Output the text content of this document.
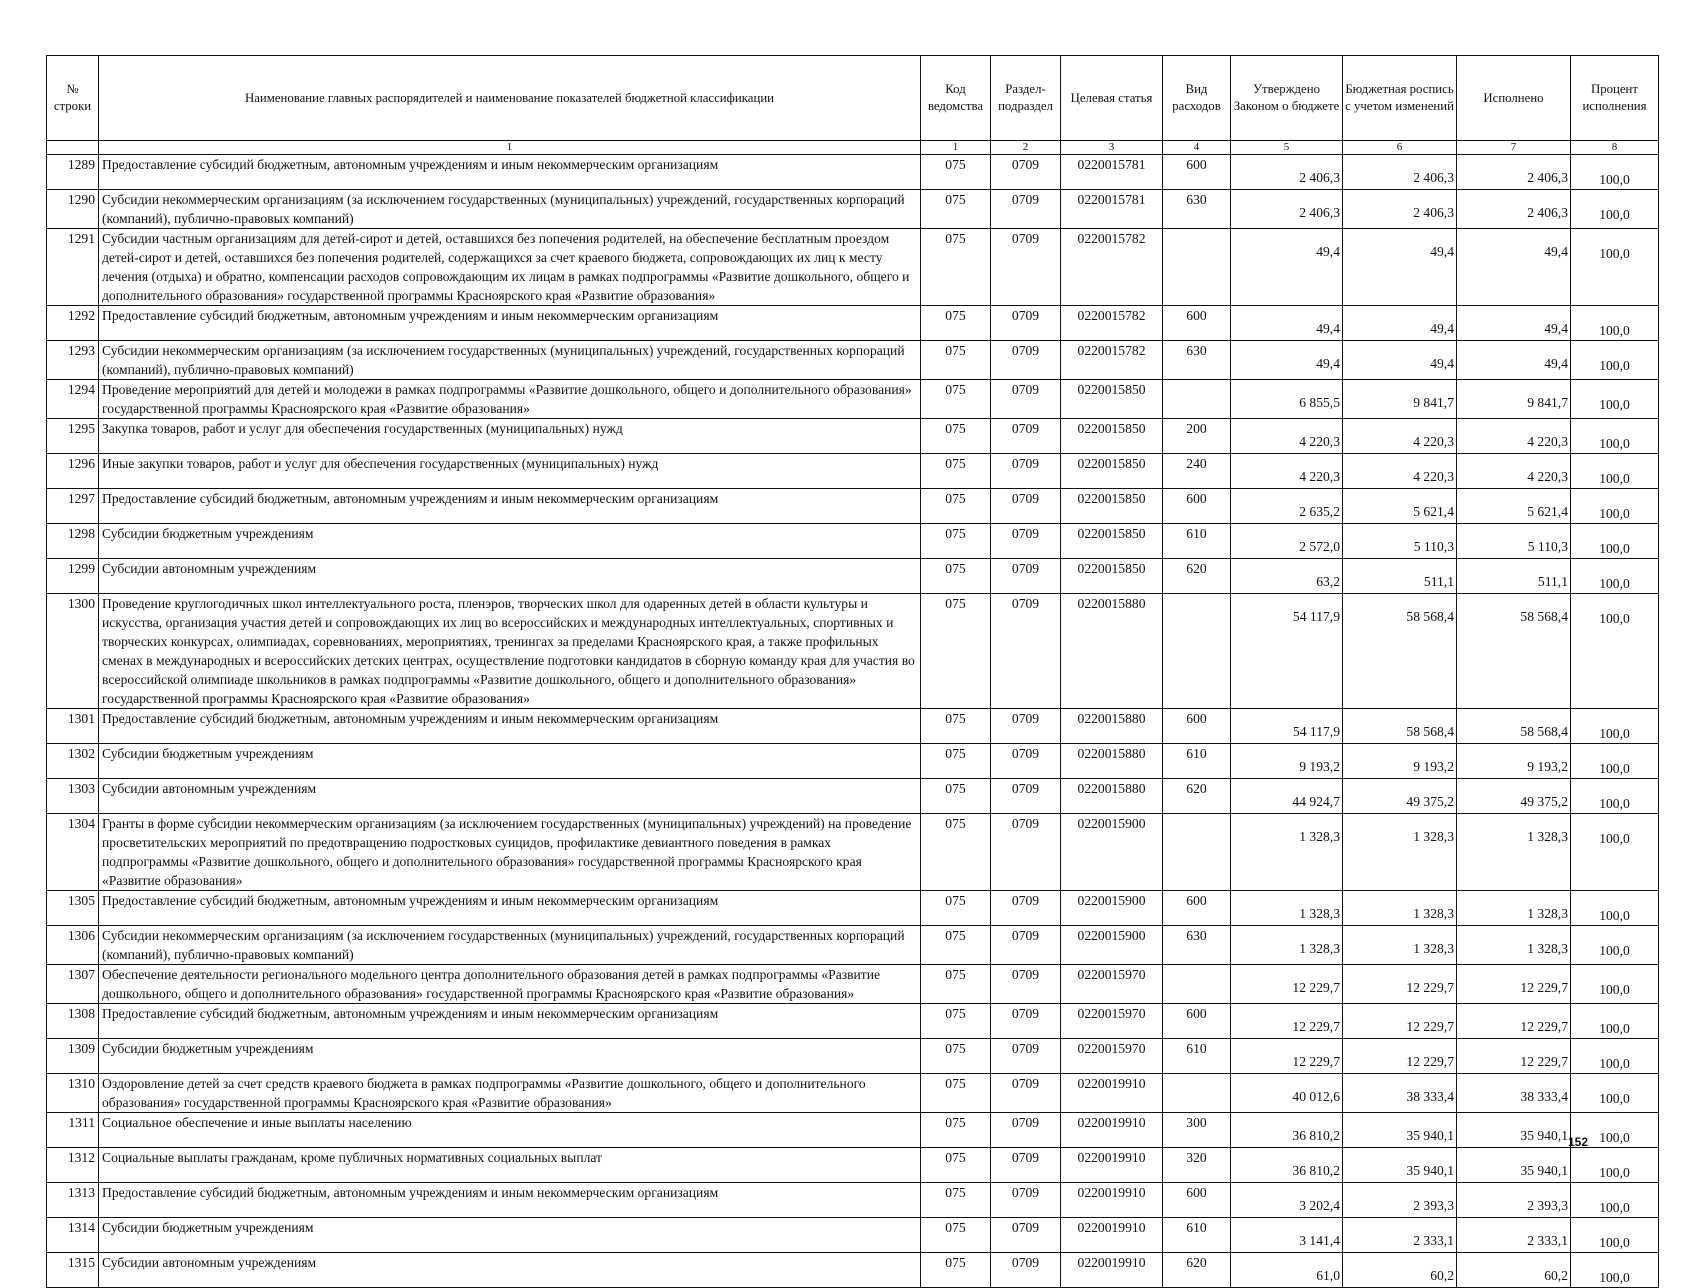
№ строки	Наименование главных распорядителей и наименование показателей бюджетной классификации	Код ведомства	Раздел-подраздел	Целевая статья	Вид расходов	Утверждено Законом о бюджете	Бюджетная роспись с учетом изменений	Исполнено	Процент исполнения
	1	1	2	3	4	5	6	7	8
1289	Предоставление субсидий бюджетным, автономным учреждениям и иным некоммерческим организациям	075	0709	0220015781	600	2 406,3	2 406,3	2 406,3	100,0
1290	Субсидии некоммерческим организациям (за исключением государственных (муниципальных) учреждений, государственных корпораций (компаний), публично-правовых компаний)	075	0709	0220015781	630	2 406,3	2 406,3	2 406,3	100,0
1291	Субсидии частным организациям для детей-сирот и детей, оставшихся без попечения родителей, на обеспечение бесплатным проездом детей-сирот и детей, оставшихся без попечения родителей, содержащихся за счет краевого бюджета, сопровождающих их лиц к месту лечения (отдыха) и обратно, компенсации расходов сопровождающим их лицам в рамках подпрограммы «Развитие дошкольного, общего и дополнительного образования» государственной программы Красноярского края «Развитие образования»	075	0709	0220015782		49,4	49,4	49,4	100,0
1292	Предоставление субсидий бюджетным, автономным учреждениям и иным некоммерческим организациям	075	0709	0220015782	600	49,4	49,4	49,4	100,0
1293	Субсидии некоммерческим организациям (за исключением государственных (муниципальных) учреждений, государственных корпораций (компаний), публично-правовых компаний)	075	0709	0220015782	630	49,4	49,4	49,4	100,0
1294	Проведение мероприятий для детей и молодежи в рамках подпрограммы «Развитие дошкольного, общего и дополнительного образования» государственной программы Красноярского края «Развитие образования»	075	0709	0220015850		6 855,5	9 841,7	9 841,7	100,0
1295	Закупка товаров, работ и услуг для обеспечения государственных (муниципальных) нужд	075	0709	0220015850	200	4 220,3	4 220,3	4 220,3	100,0
1296	Иные закупки товаров, работ и услуг для обеспечения государственных (муниципальных) нужд	075	0709	0220015850	240	4 220,3	4 220,3	4 220,3	100,0
1297	Предоставление субсидий бюджетным, автономным учреждениям и иным некоммерческим организациям	075	0709	0220015850	600	2 635,2	5 621,4	5 621,4	100,0
1298	Субсидии бюджетным учреждениям	075	0709	0220015850	610	2 572,0	5 110,3	5 110,3	100,0
1299	Субсидии автономным учреждениям	075	0709	0220015850	620	63,2	511,1	511,1	100,0
1300	Проведение круглогодичных школ интеллектуального роста, пленэров, творческих школ для одаренных детей в области культуры и искусства, организация участия детей и сопровождающих их лиц во всероссийских и международных интеллектуальных, спортивных и творческих конкурсах, олимпиадах, соревнованиях, мероприятиях, тренингах за пределами Красноярского края, а также профильных сменах в международных и всероссийских детских центрах, осуществление подготовки кандидатов в сборную команду края для участия во всероссийской олимпиаде школьников в рамках подпрограммы «Развитие дошкольного, общего и дополнительного образования» государственной программы Красноярского края «Развитие образования»	075	0709	0220015880		54 117,9	58 568,4	58 568,4	100,0
1301	Предоставление субсидий бюджетным, автономным учреждениям и иным некоммерческим организациям	075	0709	0220015880	600	54 117,9	58 568,4	58 568,4	100,0
1302	Субсидии бюджетным учреждениям	075	0709	0220015880	610	9 193,2	9 193,2	9 193,2	100,0
1303	Субсидии автономным учреждениям	075	0709	0220015880	620	44 924,7	49 375,2	49 375,2	100,0
1304	Гранты в форме субсидии некоммерческим организациям (за исключением государственных (муниципальных) учреждений) на проведение просветительских мероприятий по предотвращению подростковых суицидов, профилактике девиантного поведения в рамках подпрограммы «Развитие дошкольного, общего и дополнительного образования» государственной программы Красноярского края «Развитие образования»	075	0709	0220015900		1 328,3	1 328,3	1 328,3	100,0
1305	Предоставление субсидий бюджетным, автономным учреждениям и иным некоммерческим организациям	075	0709	0220015900	600	1 328,3	1 328,3	1 328,3	100,0
1306	Субсидии некоммерческим организациям (за исключением государственных (муниципальных) учреждений, государственных корпораций (компаний), публично-правовых компаний)	075	0709	0220015900	630	1 328,3	1 328,3	1 328,3	100,0
1307	Обеспечение деятельности регионального модельного центра дополнительного образования детей в рамках подпрограммы «Развитие дошкольного, общего и дополнительного образования» государственной программы Красноярского края «Развитие образования»	075	0709	0220015970		12 229,7	12 229,7	12 229,7	100,0
1308	Предоставление субсидий бюджетным, автономным учреждениям и иным некоммерческим организациям	075	0709	0220015970	600	12 229,7	12 229,7	12 229,7	100,0
1309	Субсидии бюджетным учреждениям	075	0709	0220015970	610	12 229,7	12 229,7	12 229,7	100,0
1310	Оздоровление детей за счет средств краевого бюджета в рамках подпрограммы «Развитие дошкольного, общего и дополнительного образования» государственной программы Красноярского края «Развитие образования»	075	0709	0220019910		40 012,6	38 333,4	38 333,4	100,0
1311	Социальное обеспечение и иные выплаты населению	075	0709	0220019910	300	36 810,2	35 940,1	35 940,1	100,0
1312	Социальные выплаты гражданам, кроме публичных нормативных социальных выплат	075	0709	0220019910	320	36 810,2	35 940,1	35 940,1	100,0
1313	Предоставление субсидий бюджетным, автономным учреждениям и иным некоммерческим организациям	075	0709	0220019910	600	3 202,4	2 393,3	2 393,3	100,0
1314	Субсидии бюджетным учреждениям	075	0709	0220019910	610	3 141,4	2 333,1	2 333,1	100,0
1315	Субсидии автономным учреждениям	075	0709	0220019910	620	61,0	60,2	60,2	100,0
152
